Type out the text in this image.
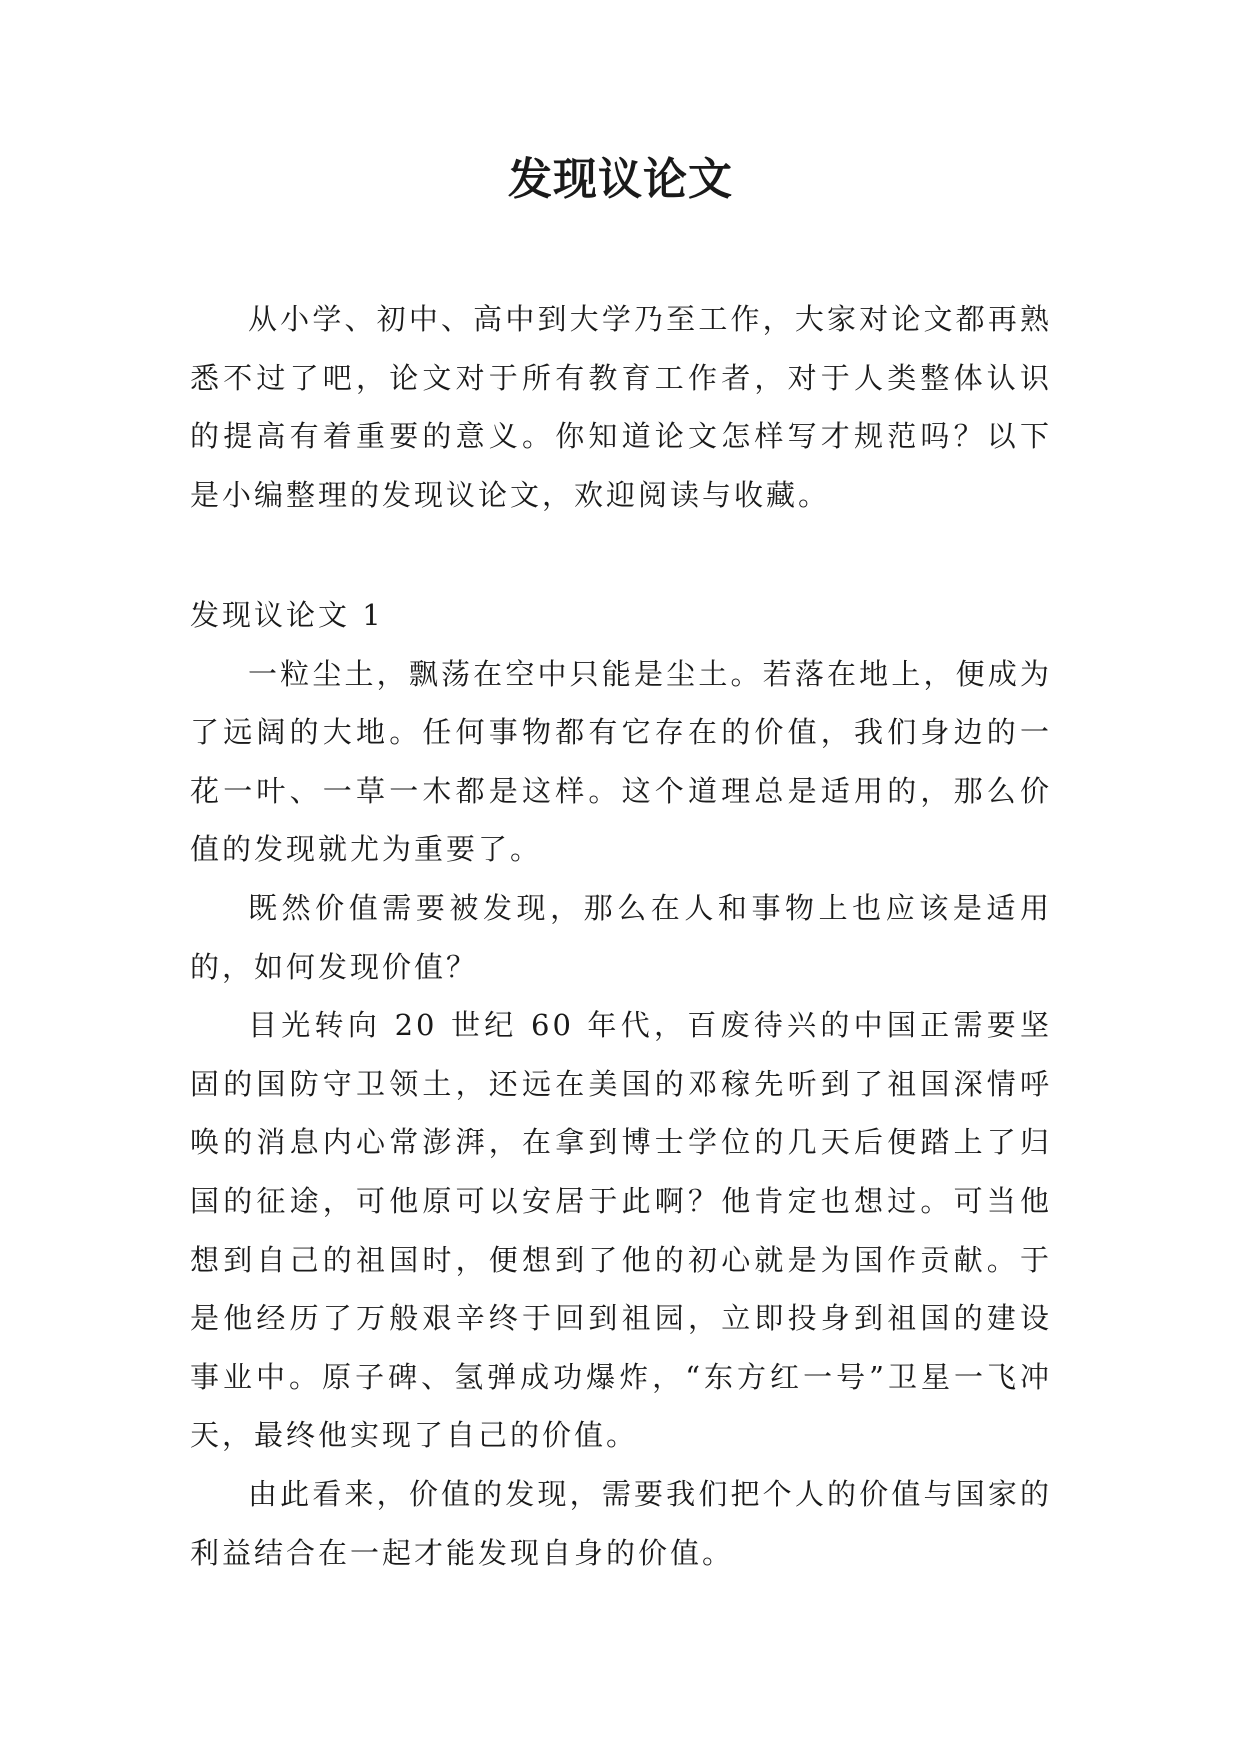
发现议论文

从小学、初中、高中到大学乃至工作，大家对论文都再熟悉不过了吧，论文对于所有教育工作者，对于人类整体认识的提高有着重要的意义。你知道论文怎样写才规范吗？以下是小编整理的发现议论文，欢迎阅读与收藏。

发现议论文 1

一粒尘土，飘荡在空中只能是尘土。若落在地上，便成为了远阔的大地。任何事物都有它存在的价值，我们身边的一花一叶、一草一木都是这样。这个道理总是适用的，那么价值的发现就尤为重要了。

既然价值需要被发现，那么在人和事物上也应该是适用的，如何发现价值？

目光转向 20 世纪 60 年代，百废待兴的中国正需要坚固的国防守卫领土，还远在美国的邓稼先听到了祖国深情呼唤的消息内心常澎湃，在拿到博士学位的几天后便踏上了归国的征途，可他原可以安居于此啊？他肯定也想过。可当他想到自己的祖国时，便想到了他的初心就是为国作贡献。于是他经历了万般艰辛终于回到祖园，立即投身到祖国的建设事业中。原子碑、氢弹成功爆炸，“东方红一号”卫星一飞冲天，最终他实现了自己的价值。

由此看来，价值的发现，需要我们把个人的价值与国家的利益结合在一起才能发现自身的价值。
